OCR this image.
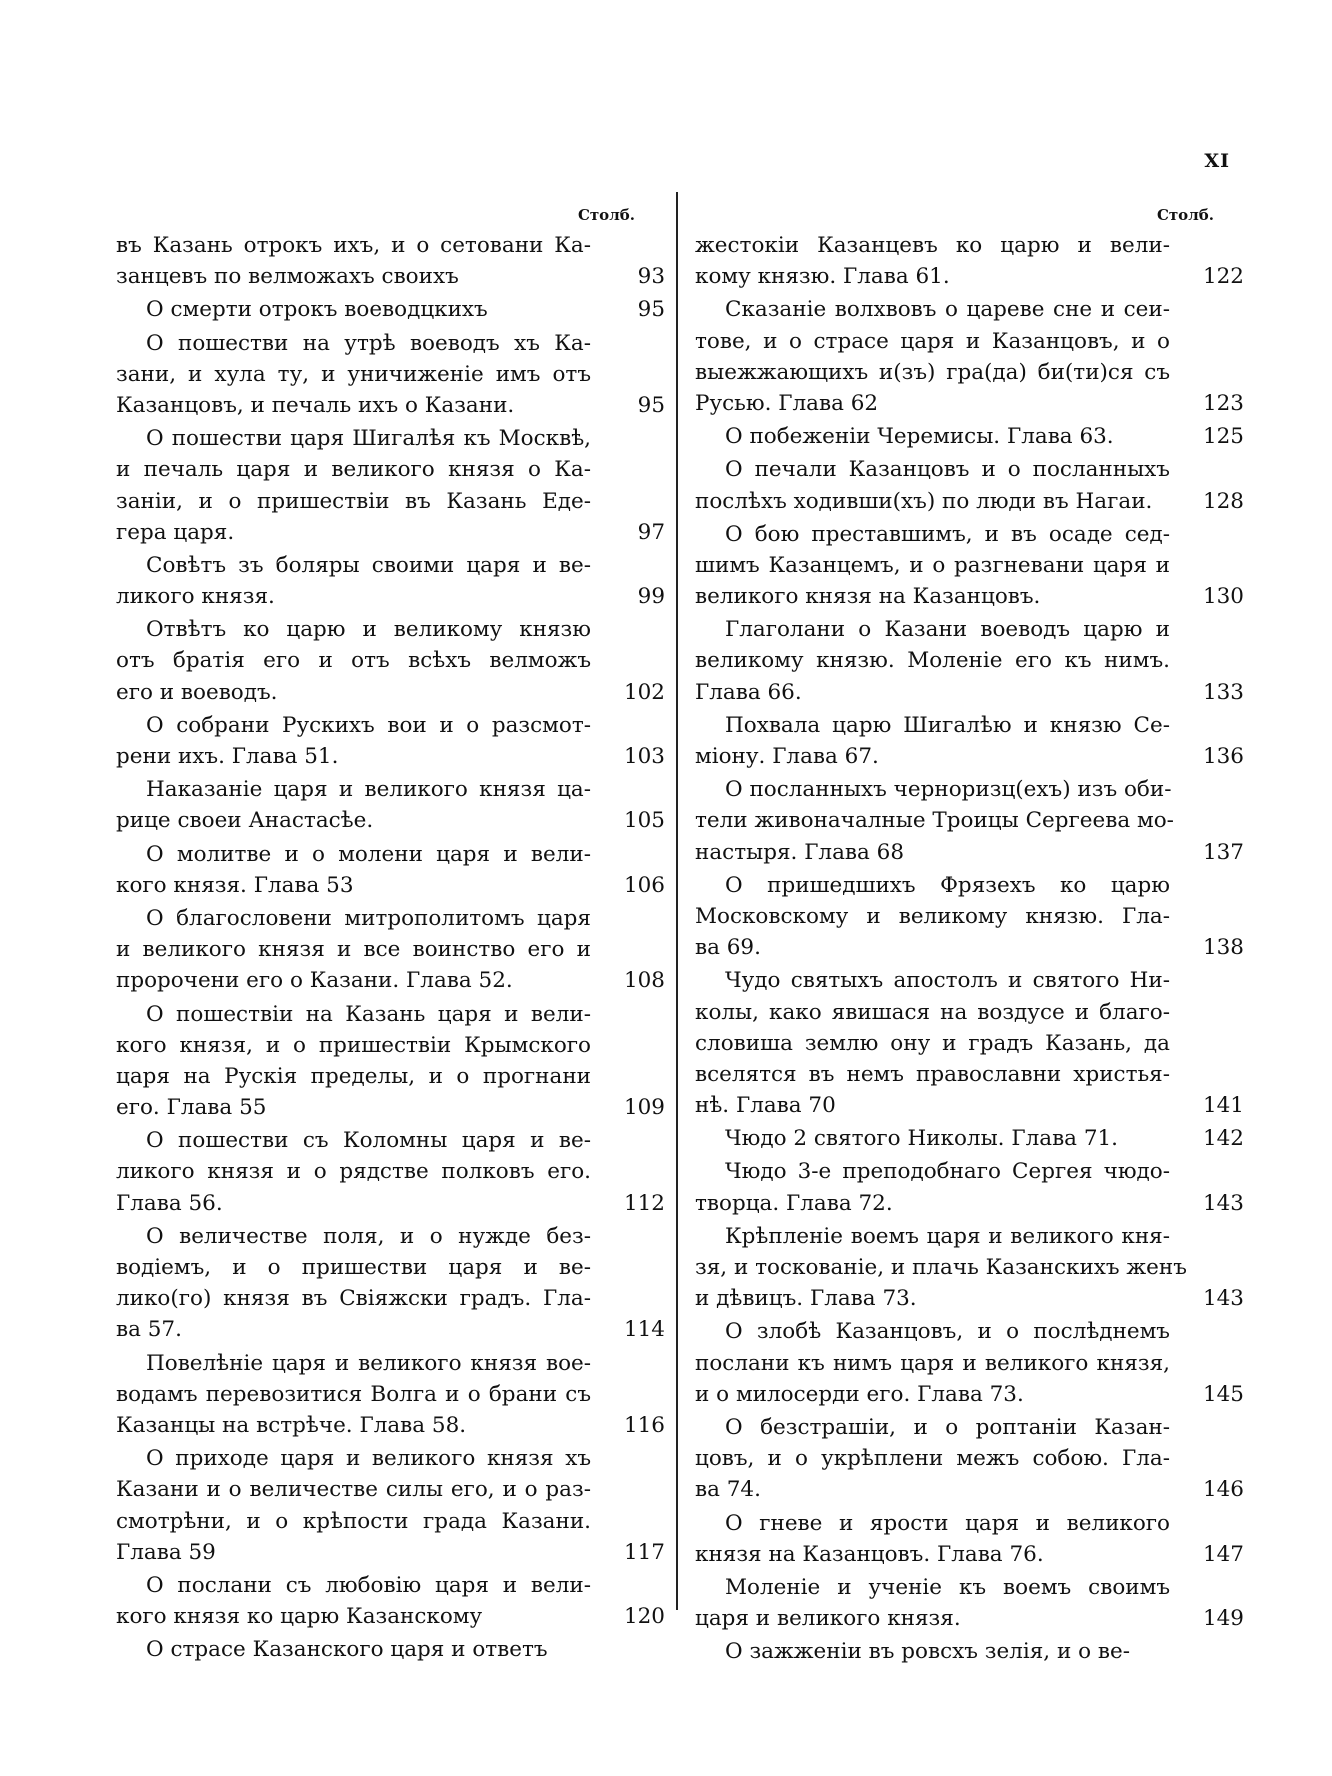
XI
Столб.
въ Казань отрокъ ихъ, и о сетовани Ка-
занцевъ по велможахъ своихъ	93
О смерти отрокъ воеводцкихъ	95
О пошестви на утрѣ воеводъ хъ Ка-
зани, и хула ту, и уничиженіе имъ отъ
Казанцовъ, и печаль ихъ о Казани.	95
О пошестви царя Шигалѣя къ Москвѣ,
и печаль царя и великого князя о Ка-
заніи, и о пришествіи въ Казань Едe-
гера царя.	97
Совѣтъ зъ боляры своими царя и ве-
ликого князя.	99
Отвѣтъ ко царю и великому князю
отъ братія его и отъ всѣхъ велможъ
его и воеводъ.	102
О собрани Рускихъ вои и о разсмот-
рени ихъ. Глава 51.	103
Наказаніе царя и великого князя ца-
рице своеи Анастасѣе.	105
О молитве и о молени царя и вели-
кого князя. Глава 53	106
О благословени митрополитомъ царя
и великого князя и все воинство его и
пророчени его о Казани. Глава 52.	108
О пошествіи на Казань царя и вели-
кого князя, и о пришествіи Крымского
царя на Рускія пределы, и о прогнани
его. Глава 55	109
О пошестви съ Коломны царя и ве-
ликого князя и о рядстве полковъ его.
Глава 56.	112
О величестве поля, и о нужде без-
водіемъ, и о пришестви царя и ве-
лико(го) князя въ Свіяжски градъ. Гла-
ва 57.	114
Повелѣніе царя и великого князя вое-
водамъ перевозитися Волга и о брани съ
Казанцы на встрѣче. Глава 58.	116
О приходе царя и великого князя хъ
Казани и о величестве силы его, и о раз-
смотрѣни, и о крѣпости града Казани.
Глава 59	117
О послани съ любовію царя и вели-
кого князя ко царю Казанскому	120
О страсе Казанского царя и ответъ
Столб.
жестокіи Казанцевъ ко царю и вели-
кому князю. Глава 61.	122
Сказаніе волхвовъ о цареве сне и сеи-
тове, и о страсе царя и Казанцовъ, и о
выежжающихъ и(зъ) гра(да) би(ти)ся съ
Русью. Глава 62	123
О побеженіи Черемисы. Глава 63.	125
О печали Казанцовъ и о посланныхъ
послѣхъ ходивши(хъ) по люди въ Нагаи.	128
О бою преставшимъ, и въ осаде сед-
шимъ Казанцемъ, и о разгневани царя и
великого князя на Казанцовъ.	130
Глаголани о Казани воеводъ царю и
великому князю. Моленіе его къ нимъ.
Глава 66.	133
Похвала царю Шигалѣю и князю Се-
міону. Глава 67.	136
О посланныхъ черноризц(ехъ) изъ оби-
тели живоначалные Троицы Сергеева мо-
настыря. Глава 68	137
О пришедшихъ Фрязехъ ко царю
Московскому и великому князю. Гла-
ва 69.	138
Чудо святыхъ апостолъ и святого Ни-
колы, како явишася на воздусе и благо-
словиша землю ону и градъ Казань, да
вселятся въ немъ православни христья-
нѣ. Глава 70	141
Чюдо 2 святого Николы. Глава 71.	142
Чюдо 3-е преподобнаго Сергея чюдо-
творца. Глава 72.	143
Крѣпленіе воемъ царя и великого кня-
зя, и тоскованіе, и плачь Казанскихъ женъ
и дѣвицъ. Глава 73.	143
О злобѣ Казанцовъ, и о послѣднемъ
послани къ нимъ царя и великого князя,
и о милосерди его. Глава 73.	145
О безстрашіи, и о роптаніи Казан-
цовъ, и о укрѣплени межъ собою. Гла-
ва 74.	146
О гневе и ярости царя и великого
князя на Казанцовъ. Глава 76.	147
Моленіе и ученіе къ воемъ своимъ
царя и великого князя.	149
О зажженіи въ ровсхъ зелія, и о ве-
